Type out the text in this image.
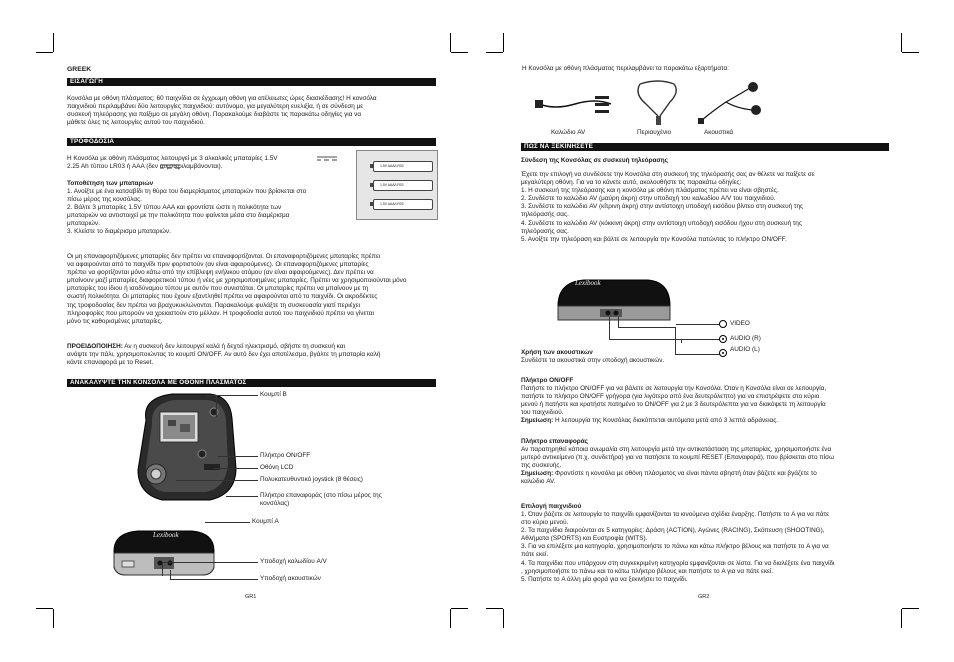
GREEK
ΕΙΣΑΓΩΓΗ
Κονσόλα με οθόνη πλάσματος: 60 παιχνίδια σε έγχρωμη οθόνη για ατέλειωτες ώρες διασκέδασης! Η κονσόλα
παιχνιδιού περιλαμβάνει δύο λειτουργίες παιχνιδιού: αυτόνομο, για μεγαλύτερη ευελιξία, ή σε σύνδεση με
συσκευή τηλεόρασης για παίξιμο σε μεγάλη οθόνη. Παρακαλούμε διαβάστε τις παρακάτω οδηγίες για να
μάθετε όλες τις λειτουργίες αυτού του παιχνιδιού.
ΤΡΟΦΟΔΟΣΙΑ
Η Κονσόλα με οθόνη πλάσματος λειτουργεί με 3 αλκαλικές μπαταρίες 1.5V
2.25 Ah τύπου LR03 ή AAA (δεν συμπεριλαμβάνονται).
Τοποθέτηση των μπαταριών
1. Ανοίξτε με ένα κατσαβίδι τη θύρα του διαμερίσματος μπαταριών που βρίσκεται στο
πίσω μέρος της κονσόλας.
2. Βάλτε 3 μπαταρίες 1.5V τύπου AAA και φροντίστε ώστε η πολικότητα των
μπαταριών να αντιστοιχεί με την πολικότητα που φαίνεται μέσα στο διαμέρισμα
μπαταριών.
3. Κλείστε το διαμέρισμα μπαταριών.
1.5V AAA/LR03
1.5V AAA/LR03
1.5V AAA/LR03
Οι μη επαναφορτιζόμενες μπαταρίες δεν πρέπει να επαναφορτίζονται. Οι επαναφορτιζόμενες μπαταρίες πρέπει
να αφαιρούνται από το παιχνίδι πριν φορτιστούν (αν είναι αφαιρούμενες). Οι επαναφορτιζόμενες μπαταρίες
πρέπει να φορτίζονται μόνο κάτω από την επίβλεψη ενήλικου ατόμου (αν είναι αφαιρούμενες). Δεν πρέπει να
μπαίνουν μαζί μπαταρίες διαφορετικού τύπου ή νέες με χρησιμοποιημένες μπαταρίες. Πρέπει να χρησιμοποιούνται μόνο
μπαταρίες του ίδιου ή ισοδύναμου τύπου με αυτόν που συνιστάται. Οι μπαταρίες πρέπει να μπαίνουν με τη
σωστή πολικότητα. Οι μπαταρίες που έχουν εξαντληθεί πρέπει να αφαιρούνται από το παιχνίδι. Οι ακροδέκτες
της τροφοδοσίας δεν πρέπει να βραχυκυκλώνονται. Παρακαλούμε φυλάξτε τη συσκευασία γιατί περιέχει
πληροφορίες που μπορούν να χρειαστούν στο μέλλον. Η τροφοδοσία αυτού του παιχνιδιού πρέπει να γίνεται
μόνο τις καθορισμένες μπαταρίες.
ΠΡΟΕΙΔΟΠΟΙΗΣΗ: Αν η συσκευή δεν λειτουργεί καλά ή δεχτεί ηλεκτρισμό, σβήστε τη συσκευή και
ανάψτε την πάλι, χρησιμοποιώντας το κουμπί ON/OFF. Αν αυτό δεν έχει αποτέλεσμα, βγάλτε τη μπαταρία καλή
κάντε επαναφορά με το Reset.
ΑΝΑΚΑΛΥΨΤΕ ΤΗΝ ΚΟΝΣΟΛΑ ΜΕ ΟΘΟΝΗ ΠΛΑΣΜΑΤΟΣ
Lexibook
Κουμπί B
Πλήκτρο ON/OFF
Οθόνη LCD
Πολυκατευθυντικό joystick (8 θέσεις)
Πλήκτρο επαναφοράς (στο πίσω μέρος της
κονσόλας)
Κουμπί A
Υποδοχή καλωδίου A/V
Υποδοχή ακουστικών
GR1
Η Κονσόλα με οθόνη πλάσματος περιλαμβάνει τα παρακάτω εξαρτήματα:
Καλώδιο AV	Περιαυχένιο	Ακουστικά
ΠΩΣ ΝΑ ΞΕΚΙΝΗΣΕΤΕ
Σύνδεση της Κονσόλας σε συσκευή τηλεόρασης
Έχετε την επιλογή να συνδέσετε την Κονσόλα στη συσκευή της τηλεόρασής σας αν θέλετε να παίξετε σε
μεγαλύτερη οθόνη. Για να το κάνετε αυτό, ακολουθήστε τις παρακάτω οδηγίες:
1. Η συσκευή της τηλεόρασης και η κονσόλα με οθόνη πλάσματος πρέπει να είναι σβηστές.
2. Συνδέστε το καλώδιο AV (μαύρη άκρη) στην υποδοχή του καλωδίου A/V του παιχνιδιού.
3. Συνδέστε το καλώδιο AV (κίτρινη άκρη) στην αντίστοιχη υποδοχή εισόδου βίντεο στη συσκευή της
τηλεόρασής σας.
4. Συνδέστε το καλώδιο AV (κόκκινη άκρη) στην αντίστοιχη υποδοχή εισόδου ήχου στη συσκευή της
τηλεόρασής σας.
5. Ανοίξτε την τηλεόραση και βάλτε σε λειτουργία την Κονσόλα πατώντας το πλήκτρο ON/OFF.
Lexibook
VIDEO
AUDIO (R)
AUDIO (L)
Χρήση των ακουστικών
Συνδέστε τα ακουστικά στην υποδοχή ακουστικών.
Πλήκτρο ON/OFF
Πατήστε το πλήκτρο ON/OFF για να βάλετε σε λειτουργία την Κονσόλα. Όταν η Κονσόλα είναι σε λειτουργία,
πατήστε το πλήκτρο ON/OFF γρήγορα (για λιγότερο από ένα δευτερόλεπτο) για να επιστρέψετε στο κύριο
μενού ή πατήστε και κρατήστε πατημένο το ON/OFF για 2 με 3 δευτερόλεπτα για να διακόψετε τη λειτουργία
του παιχνιδιού.
Σημείωση: Η λειτουργία της Κονσόλας διακόπτεται αυτόματα μετά από 3 λεπτά αδράνειας.
Πλήκτρο επαναφοράς
Αν παρατηρηθεί κάποια ανωμαλία στη λειτουργία μετά την αντικατάσταση της μπαταρίας, χρησιμοποιήστε ένα
μυτερό αντικείμενο (π.χ. συνδετήρα) για να πατήσετε το κουμπί RESET (Επαναφορά), που βρίσκεται στο πίσω
της συσκευής.
Σημείωση: Φροντίστε η κονσόλα με οθόνη πλάσματος να είναι πάντα σβηστή όταν βάζετε και βγάζετε το
καλώδιο AV.
Επιλογή παιχνιδιού
1. Όταν βάζετε σε λειτουργία το παιχνίδι εμφανίζονται τα κινούμενα σχέδια έναρξης. Πατήστε το A για να πάτε
στο κύριο μενού.
2. Τα παιχνίδια διαιρούνται σε 5 κατηγορίες: Δράση (ACTION), Αγώνες (RACING), Σκόπευση (SHOOTING),
Αθλήματα (SPORTS) και Ευστροφία (WITS).
3. Για να επιλέξετε μια κατηγορία, χρησιμοποιήστε το πάνω και κάτω πλήκτρο βέλους και πατήστε το A για να
πάτε εκεί.
4. Τα παιχνίδια που υπάρχουν στη συγκεκριμένη κατηγορία εμφανίζονται σε λίστα. Για να διαλέξετε ένα παιχνίδι
, χρησιμοποιήστε το πάνω και το κάτω πλήκτρο βέλους και πατήστε το A για να πάτε εκεί.
5. Πατήστε το A άλλη μία φορά για να ξεκινήσει το παιχνίδι.
GR2
